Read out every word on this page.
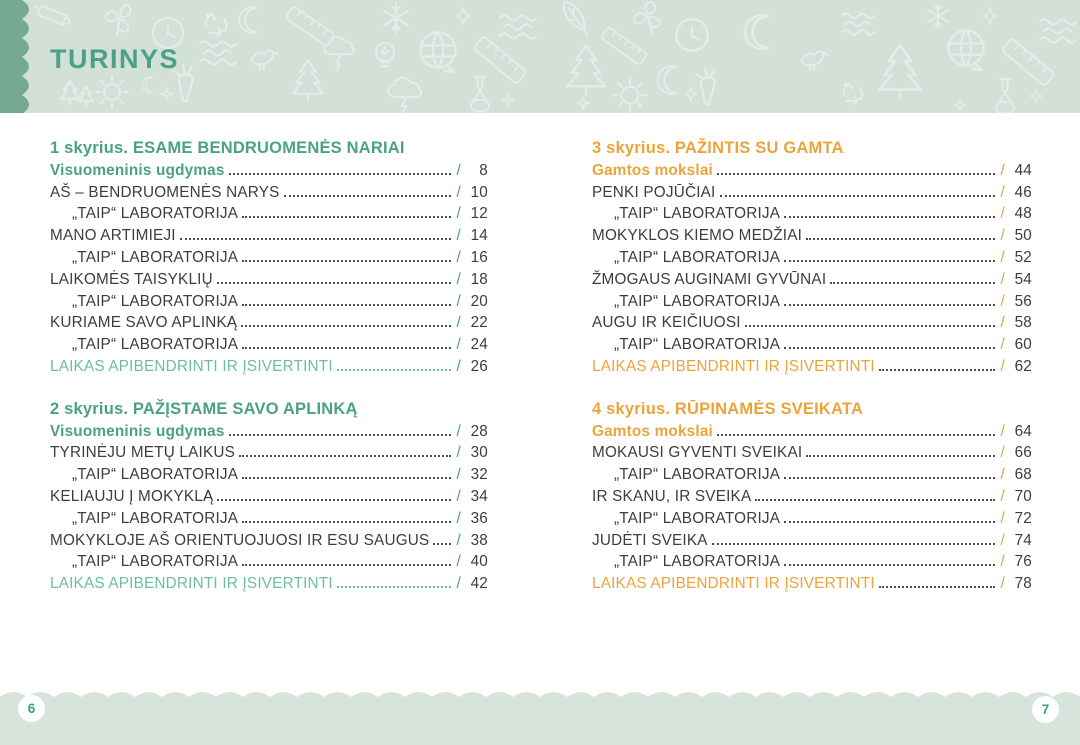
TURINYS
1 skyrius. ESAME BENDRUOMENĖS NARIAI
Visuomeninis ugdymas	/	8
AŠ – BENDRUOMENĖS NARYS	/ 10
„TAIP“ LABORATORIJA	/ 12
MANO ARTIMIEJI	/ 14
„TAIP“ LABORATORIJA	/ 16
LAIKOMĖS TAISYKLIŲ	/ 18
„TAIP“ LABORATORIJA	/ 20
KURIAME SAVO APLINKĄ	/ 22
„TAIP“ LABORATORIJA	/ 24
LAIKAS APIBENDRINTI IR ĮSIVERTINTI	/ 26
2 skyrius. PAŽĮSTAME SAVO APLINKĄ
Visuomeninis ugdymas	/ 28
TYRINĖJU METŲ LAIKUS	/ 30
„TAIP“ LABORATORIJA	/ 32
KELIAUJU Į MOKYKLĄ	/ 34
„TAIP“ LABORATORIJA	/ 36
MOKYKLOJE AŠ ORIENTUOJUOSI IR ESU SAUGUS / 38
„TAIP“ LABORATORIJA	/ 40
LAIKAS APIBENDRINTI IR ĮSIVERTINTI	/ 42
3 skyrius. PAŽINTIS SU GAMTA
Gamtos mokslai	/ 44
PENKI POJŪČIAI	/ 46
„TAIP“ LABORATORIJA	/ 48
MOKYKLOS KIEMO MEDŽIAI	/ 50
„TAIP“ LABORATORIJA	/ 52
ŽMOGAUS AUGINAMI GYVŪNAI	/ 54
„TAIP“ LABORATORIJA	/ 56
AUGU IR KEIČIUOSI	/ 58
„TAIP“ LABORATORIJA	/ 60
LAIKAS APIBENDRINTI IR ĮSIVERTINTI	/ 62
4 skyrius. RŪPINAMĖS SVEIKATA
Gamtos mokslai	/ 64
MOKAUSI GYVENTI SVEIKAI	/ 66
„TAIP“ LABORATORIJA	/ 68
IR SKANU, IR SVEIKA	/ 70
„TAIP“ LABORATORIJA	/ 72
JUDĖTI SVEIKA	/ 74
„TAIP“ LABORATORIJA	/ 76
LAIKAS APIBENDRINTI IR ĮSIVERTINTI	/ 78
6	7
